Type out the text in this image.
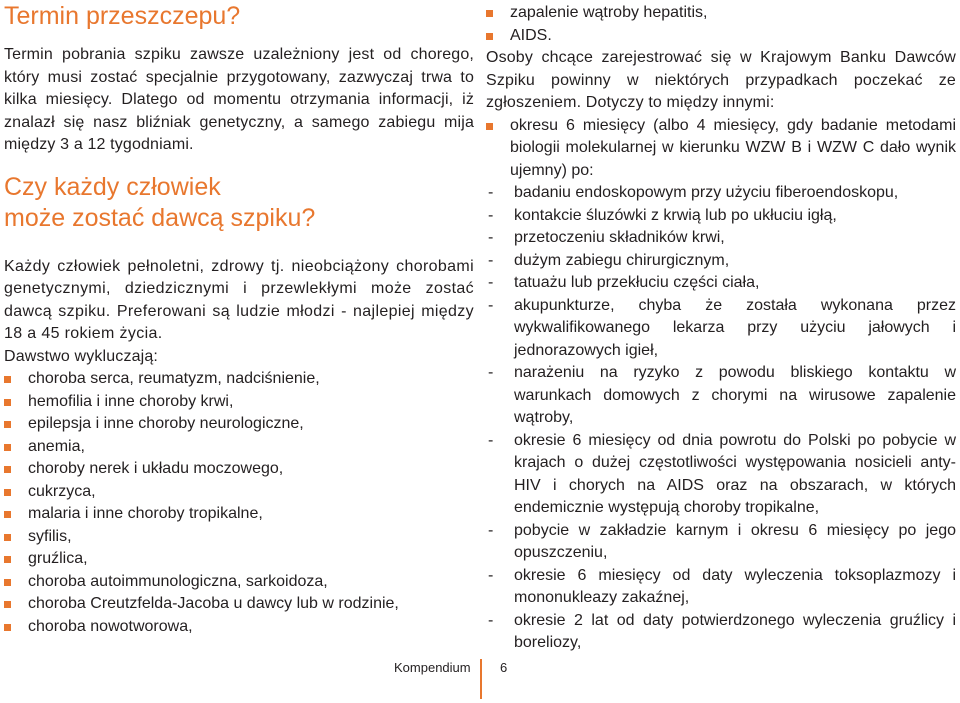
Termin przeszczepu?

Termin pobrania szpiku zawsze uzależniony jest od chorego, który musi zostać specjalnie przygotowany, zazwyczaj trwa to kilka miesięcy. Dlatego od momentu otrzymania informacji, iż znalazł się nasz bliźniak genetyczny, a samego zabiegu mija między 3 a 12 tygodniami.

Czy każdy człowiek
może zostać dawcą szpiku?

Każdy człowiek pełnoletni, zdrowy tj. nieobciążony chorobami genetycznymi, dziedzicznymi i przewlekłymi może zostać dawcą szpiku. Preferowani są ludzie młodzi - najlepiej między 18 a 45 rokiem życia.

Dawstwo wykluczają:

choroba serca, reumatyzm, nadciśnienie,
hemofilia i inne choroby krwi,
epilepsja i inne choroby neurologiczne,
anemia,
choroby nerek i układu moczowego,
cukrzyca,
malaria i inne choroby tropikalne,
syfilis,
gruźlica,
choroba autoimmunologiczna, sarkoidoza,
choroba Creutzfelda-Jacoba u dawcy lub w rodzinie,
choroba nowotworowa,
zapalenie wątroby hepatitis,
AIDS.

Osoby chcące zarejestrować się w Krajowym Banku Dawców Szpiku powinny w niektórych przypadkach poczekać ze zgłoszeniem. Dotyczy to między innymi:

okresu 6 miesięcy (albo 4 miesięcy, gdy badanie metodami biologii molekularnej w kierunku WZW B i WZW C dało wynik ujemny) po:
- badaniu endoskopowym przy użyciu fiberoendoskopu,
- kontakcie śluzówki z krwią lub po ukłuciu igłą,
- przetoczeniu składników krwi,
- dużym zabiegu chirurgicznym,
- tatuażu lub przekłuciu części ciała,
- akupunkturze, chyba że została wykonana przez wykwalifikowanego lekarza przy użyciu jałowych i jednorazowych igieł,
- narażeniu na ryzyko z powodu bliskiego kontaktu w warunkach domowych z chorymi na wirusowe zapalenie wątroby,
- okresie 6 miesięcy od dnia powrotu do Polski po pobycie w krajach o dużej częstotliwości występowania nosicieli anty-HIV i chorych na AIDS oraz na obszarach, w których endemicznie występują choroby tropikalne,
- pobycie w zakładzie karnym i okresu 6 miesięcy po jego opuszczeniu,
- okresie 6 miesięcy od daty wyleczenia toksoplazmozy i mononukleazy zakaźnej,
- okresie 2 lat od daty potwierdzonego wyleczenia gruźlicy i boreliozy,
Kompendium 6
